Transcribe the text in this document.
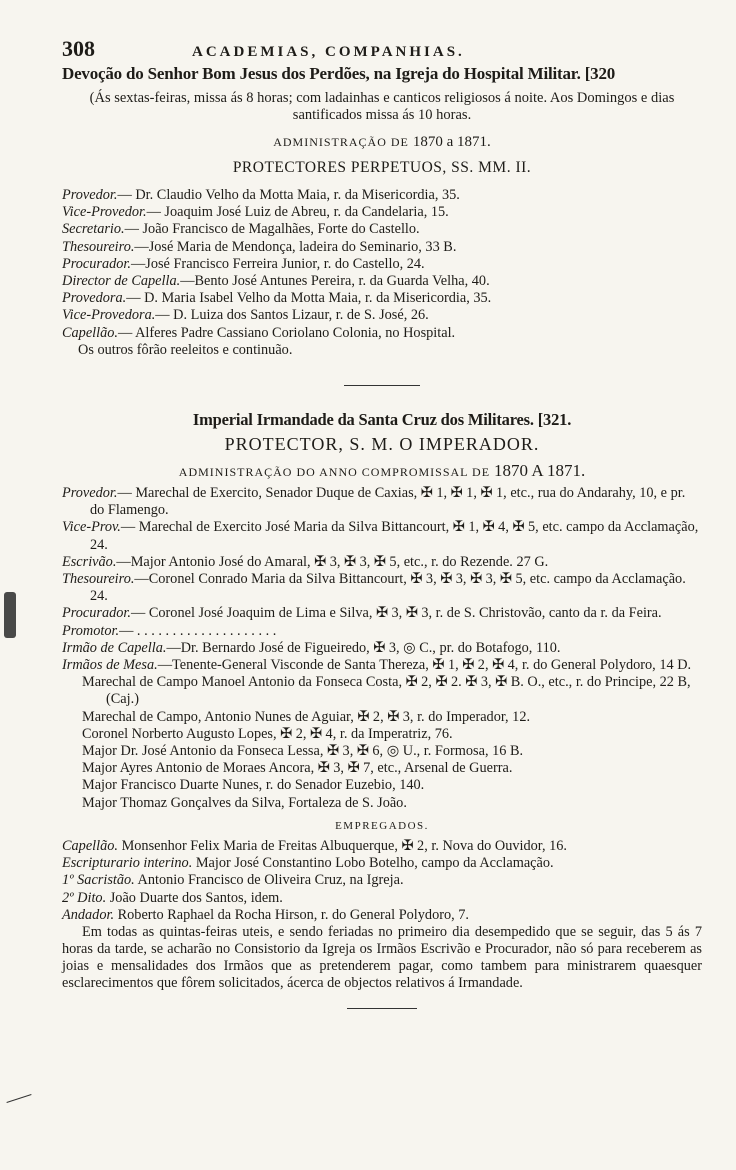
308	ACADEMIAS, COMPANHIAS.
Devoção do Senhor Bom Jesus dos Perdões, na Igreja do Hospital Militar. [320
(Ás sextas-feiras, missa ás 8 horas; com ladainhas e canticos religiosos á noite. Aos Domingos e dias santificados missa ás 10 horas.
ADMINISTRAÇÃO DE 1870 a 1871.
PROTECTORES PERPETUOS, SS. MM. II.
Provedor.— Dr. Claudio Velho da Motta Maia, r. da Misericordia, 35.
Vice-Provedor.— Joaquim José Luiz de Abreu, r. da Candelaria, 15.
Secretario.— João Francisco de Magalhães, Forte do Castello.
Thesoureiro.—José Maria de Mendonça, ladeira do Seminario, 33 B.
Procurador.—José Francisco Ferreira Junior, r. do Castello, 24.
Director de Capella.—Bento José Antunes Pereira, r. da Guarda Velha, 40.
Provedora.— D. Maria Isabel Velho da Motta Maia, r. da Misericordia, 35.
Vice-Provedora.— D. Luiza dos Santos Lizaur, r. de S. José, 26.
Capellão.— Alferes Padre Cassiano Coriolano Colonia, no Hospital.
Os outros fôrão reeleitos e continuão.
Imperial Irmandade da Santa Cruz dos Militares. [321.
PROTECTOR, S. M. O IMPERADOR.
ADMINISTRAÇÃO DO ANNO COMPROMISSAL DE 1870 A 1871.
Provedor.— Marechal de Exercito, Senador Duque de Caxias, ✠ 1, ✠ 1, ✠ 1, etc., rua do Andarahy, 10, e pr. do Flamengo.
Vice-Prov.— Marechal de Exercito José Maria da Silva Bittancourt, ✠ 1, ✠ 4, ✠ 5, etc. campo da Acclamação, 24.
Escrivão.—Major Antonio José do Amaral, ✠ 3, ✠ 3, ✠ 5, etc., r. do Rezende. 27 G.
Thesoureiro.—Coronel Conrado Maria da Silva Bittancourt, ✠ 3, ✠ 3, ✠ 3, ✠ 5, etc. campo da Acclamação. 24.
Procurador.— Coronel José Joaquim de Lima e Silva, ✠ 3, ✠ 3, r. de S. Christovão, canto da r. da Feira.
Promotor.— . . . . . . . . . . . . . . . . . . . .
Irmão de Capella.—Dr. Bernardo José de Figueiredo, ✠ 3, ◎ C., pr. do Botafogo, 110.
Irmãos de Mesa.—Tenente-General Visconde de Santa Thereza, ✠ 1, ✠ 2, ✠ 4, r. do General Polydoro, 14 D.
Marechal de Campo Manoel Antonio da Fonseca Costa, ✠ 2, ✠ 2. ✠ 3, ✠ B. O., etc., r. do Principe, 22 B, (Caj.)
Marechal de Campo, Antonio Nunes de Aguiar, ✠ 2, ✠ 3, r. do Imperador, 12.
Coronel Norberto Augusto Lopes, ✠ 2, ✠ 4, r. da Imperatriz, 76.
Major Dr. José Antonio da Fonseca Lessa, ✠ 3, ✠ 6, ◎ U., r. Formosa, 16 B.
Major Ayres Antonio de Moraes Ancora, ✠ 3, ✠ 7, etc., Arsenal de Guerra.
Major Francisco Duarte Nunes, r. do Senador Euzebio, 140.
Major Thomaz Gonçalves da Silva, Fortaleza de S. João.
EMPREGADOS.
Capellão. Monsenhor Felix Maria de Freitas Albuquerque, ✠ 2, r. Nova do Ouvidor, 16.
Escripturario interino. Major José Constantino Lobo Botelho, campo da Acclamação.
1º Sacristão. Antonio Francisco de Oliveira Cruz, na Igreja.
2º Dito. João Duarte dos Santos, idem.
Andador. Roberto Raphael da Rocha Hirson, r. do General Polydoro, 7.
Em todas as quintas-feiras uteis, e sendo feriadas no primeiro dia desempedido que se seguir, das 5 ás 7 horas da tarde, se acharão no Consistorio da Igreja os Irmãos Escrivão e Procurador, não só para receberem as joias e mensalidades dos Irmãos que as pretenderem pagar, como tambem para ministrarem quaesquer esclarecimentos que fôrem solicitados, ácerca de objectos relativos á Irmandade.
